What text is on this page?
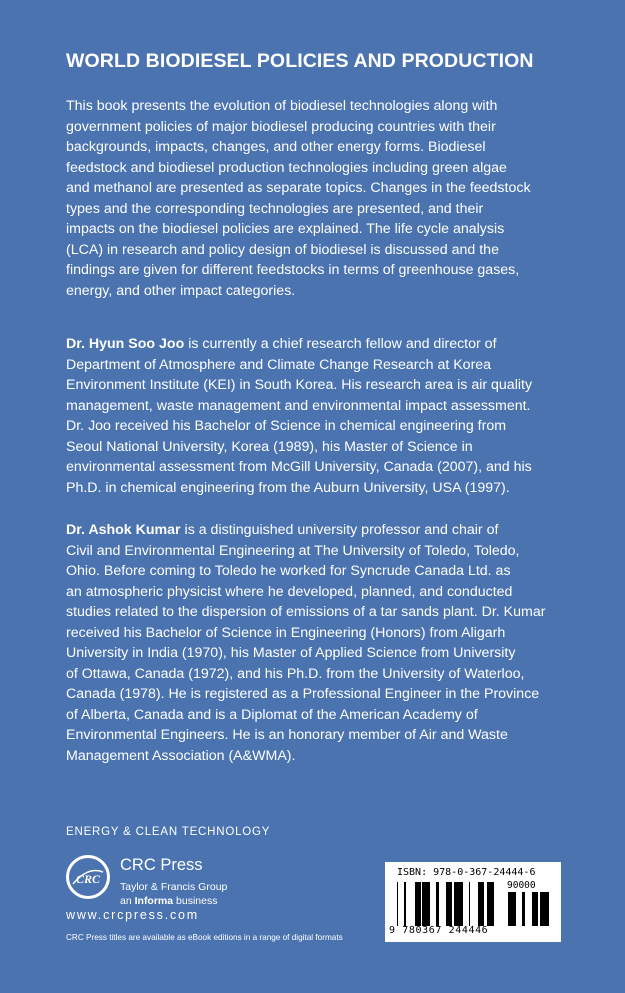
WORLD BIODIESEL POLICIES AND PRODUCTION

This book presents the evolution of biodiesel technologies along with
government policies of major biodiesel producing countries with their
backgrounds, impacts, changes, and other energy forms. Biodiesel
feedstock and biodiesel production technologies including green algae
and methanol are presented as separate topics. Changes in the feedstock
types and the corresponding technologies are presented, and their
impacts on the biodiesel policies are explained. The life cycle analysis
(LCA) in research and policy design of biodiesel is discussed and the
findings are given for different feedstocks in terms of greenhouse gases,
energy, and other impact categories.

Dr. Hyun Soo Joo is currently a chief research fellow and director of
Department of Atmosphere and Climate Change Research at Korea
Environment Institute (KEI) in South Korea. His research area is air quality
management, waste management and environmental impact assessment.
Dr. Joo received his Bachelor of Science in chemical engineering from
Seoul National University, Korea (1989), his Master of Science in
environmental assessment from McGill University, Canada (2007), and his
Ph.D. in chemical engineering from the Auburn University, USA (1997).

Dr. Ashok Kumar is a distinguished university professor and chair of
Civil and Environmental Engineering at The University of Toledo, Toledo,
Ohio. Before coming to Toledo he worked for Syncrude Canada Ltd. as
an atmospheric physicist where he developed, planned, and conducted
studies related to the dispersion of emissions of a tar sands plant. Dr. Kumar
received his Bachelor of Science in Engineering (Honors) from Aligarh
University in India (1970), his Master of Applied Science from University
of Ottawa, Canada (1972), and his Ph.D. from the University of Waterloo,
Canada (1978). He is registered as a Professional Engineer in the Province
of Alberta, Canada and is a Diplomat of the American Academy of
Environmental Engineers. He is an honorary member of Air and Waste
Management Association (A&WMA).

ENERGY & CLEAN TECHNOLOGY
CRC
CRC Press
Taylor & Francis Group
an Informa business
www.crcpress.com
CRC Press titles are available as eBook editions in a range of digital formats
ISBN: 978-0-367-24444-6
90000
9 780367 244446
